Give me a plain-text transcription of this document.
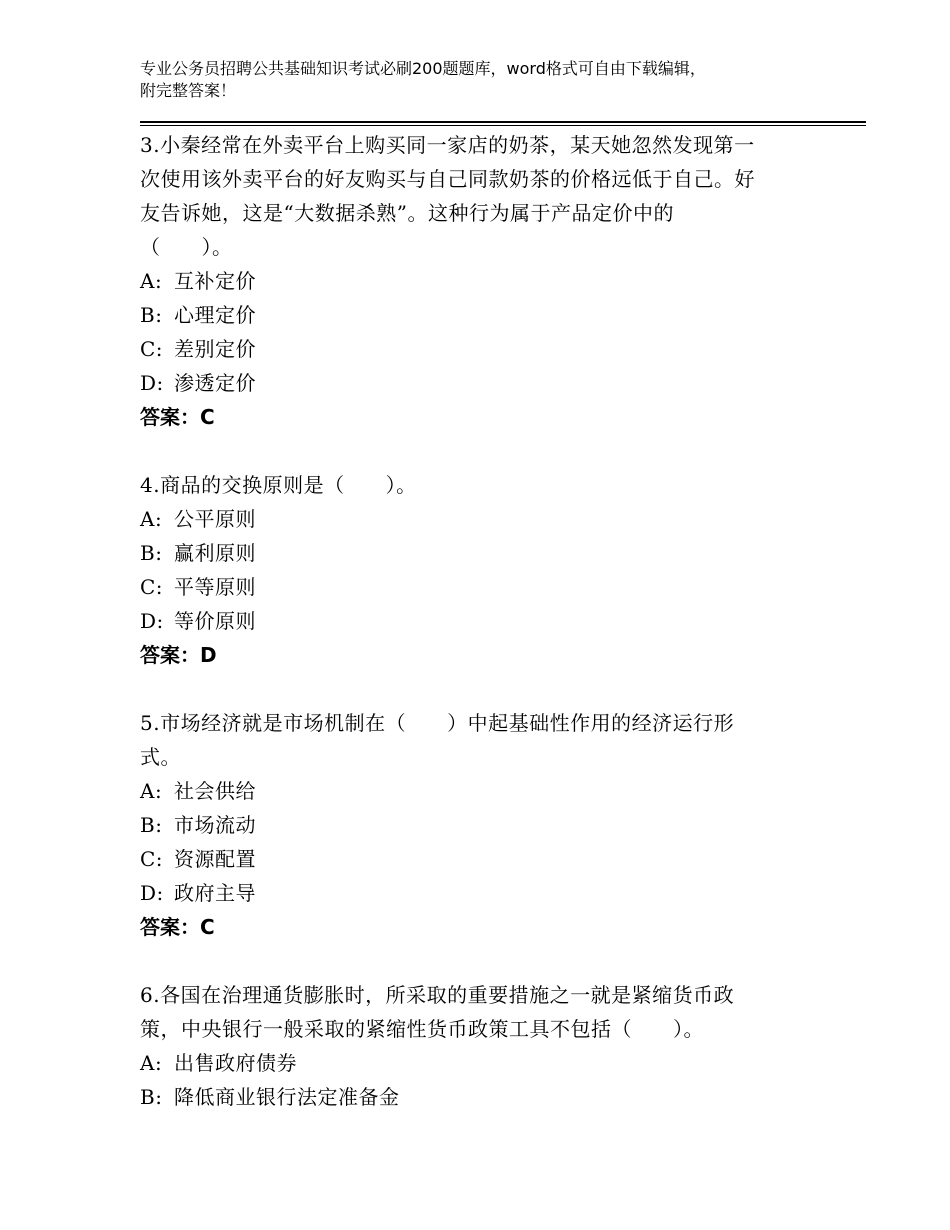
专业公务员招聘公共基础知识考试必刷200题题库，word格式可自由下载编辑，
附完整答案！
3.小秦经常在外卖平台上购买同一家店的奶茶，某天她忽然发现第一
次使用该外卖平台的好友购买与自己同款奶茶的价格远低于自己。好
友告诉她，这是“大数据杀熟”。这种行为属于产品定价中的
（　　）。
A: 互补定价
B: 心理定价
C: 差别定价
D: 渗透定价
答案：C
4.商品的交换原则是（　　）。
A: 公平原则
B: 赢利原则
C: 平等原则
D: 等价原则
答案：D
5.市场经济就是市场机制在（　　）中起基础性作用的经济运行形
式。
A: 社会供给
B: 市场流动
C: 资源配置
D: 政府主导
答案：C
6.各国在治理通货膨胀时，所采取的重要措施之一就是紧缩货币政
策，中央银行一般采取的紧缩性货币政策工具不包括（　　）。
A: 出售政府债券
B: 降低商业银行法定准备金
